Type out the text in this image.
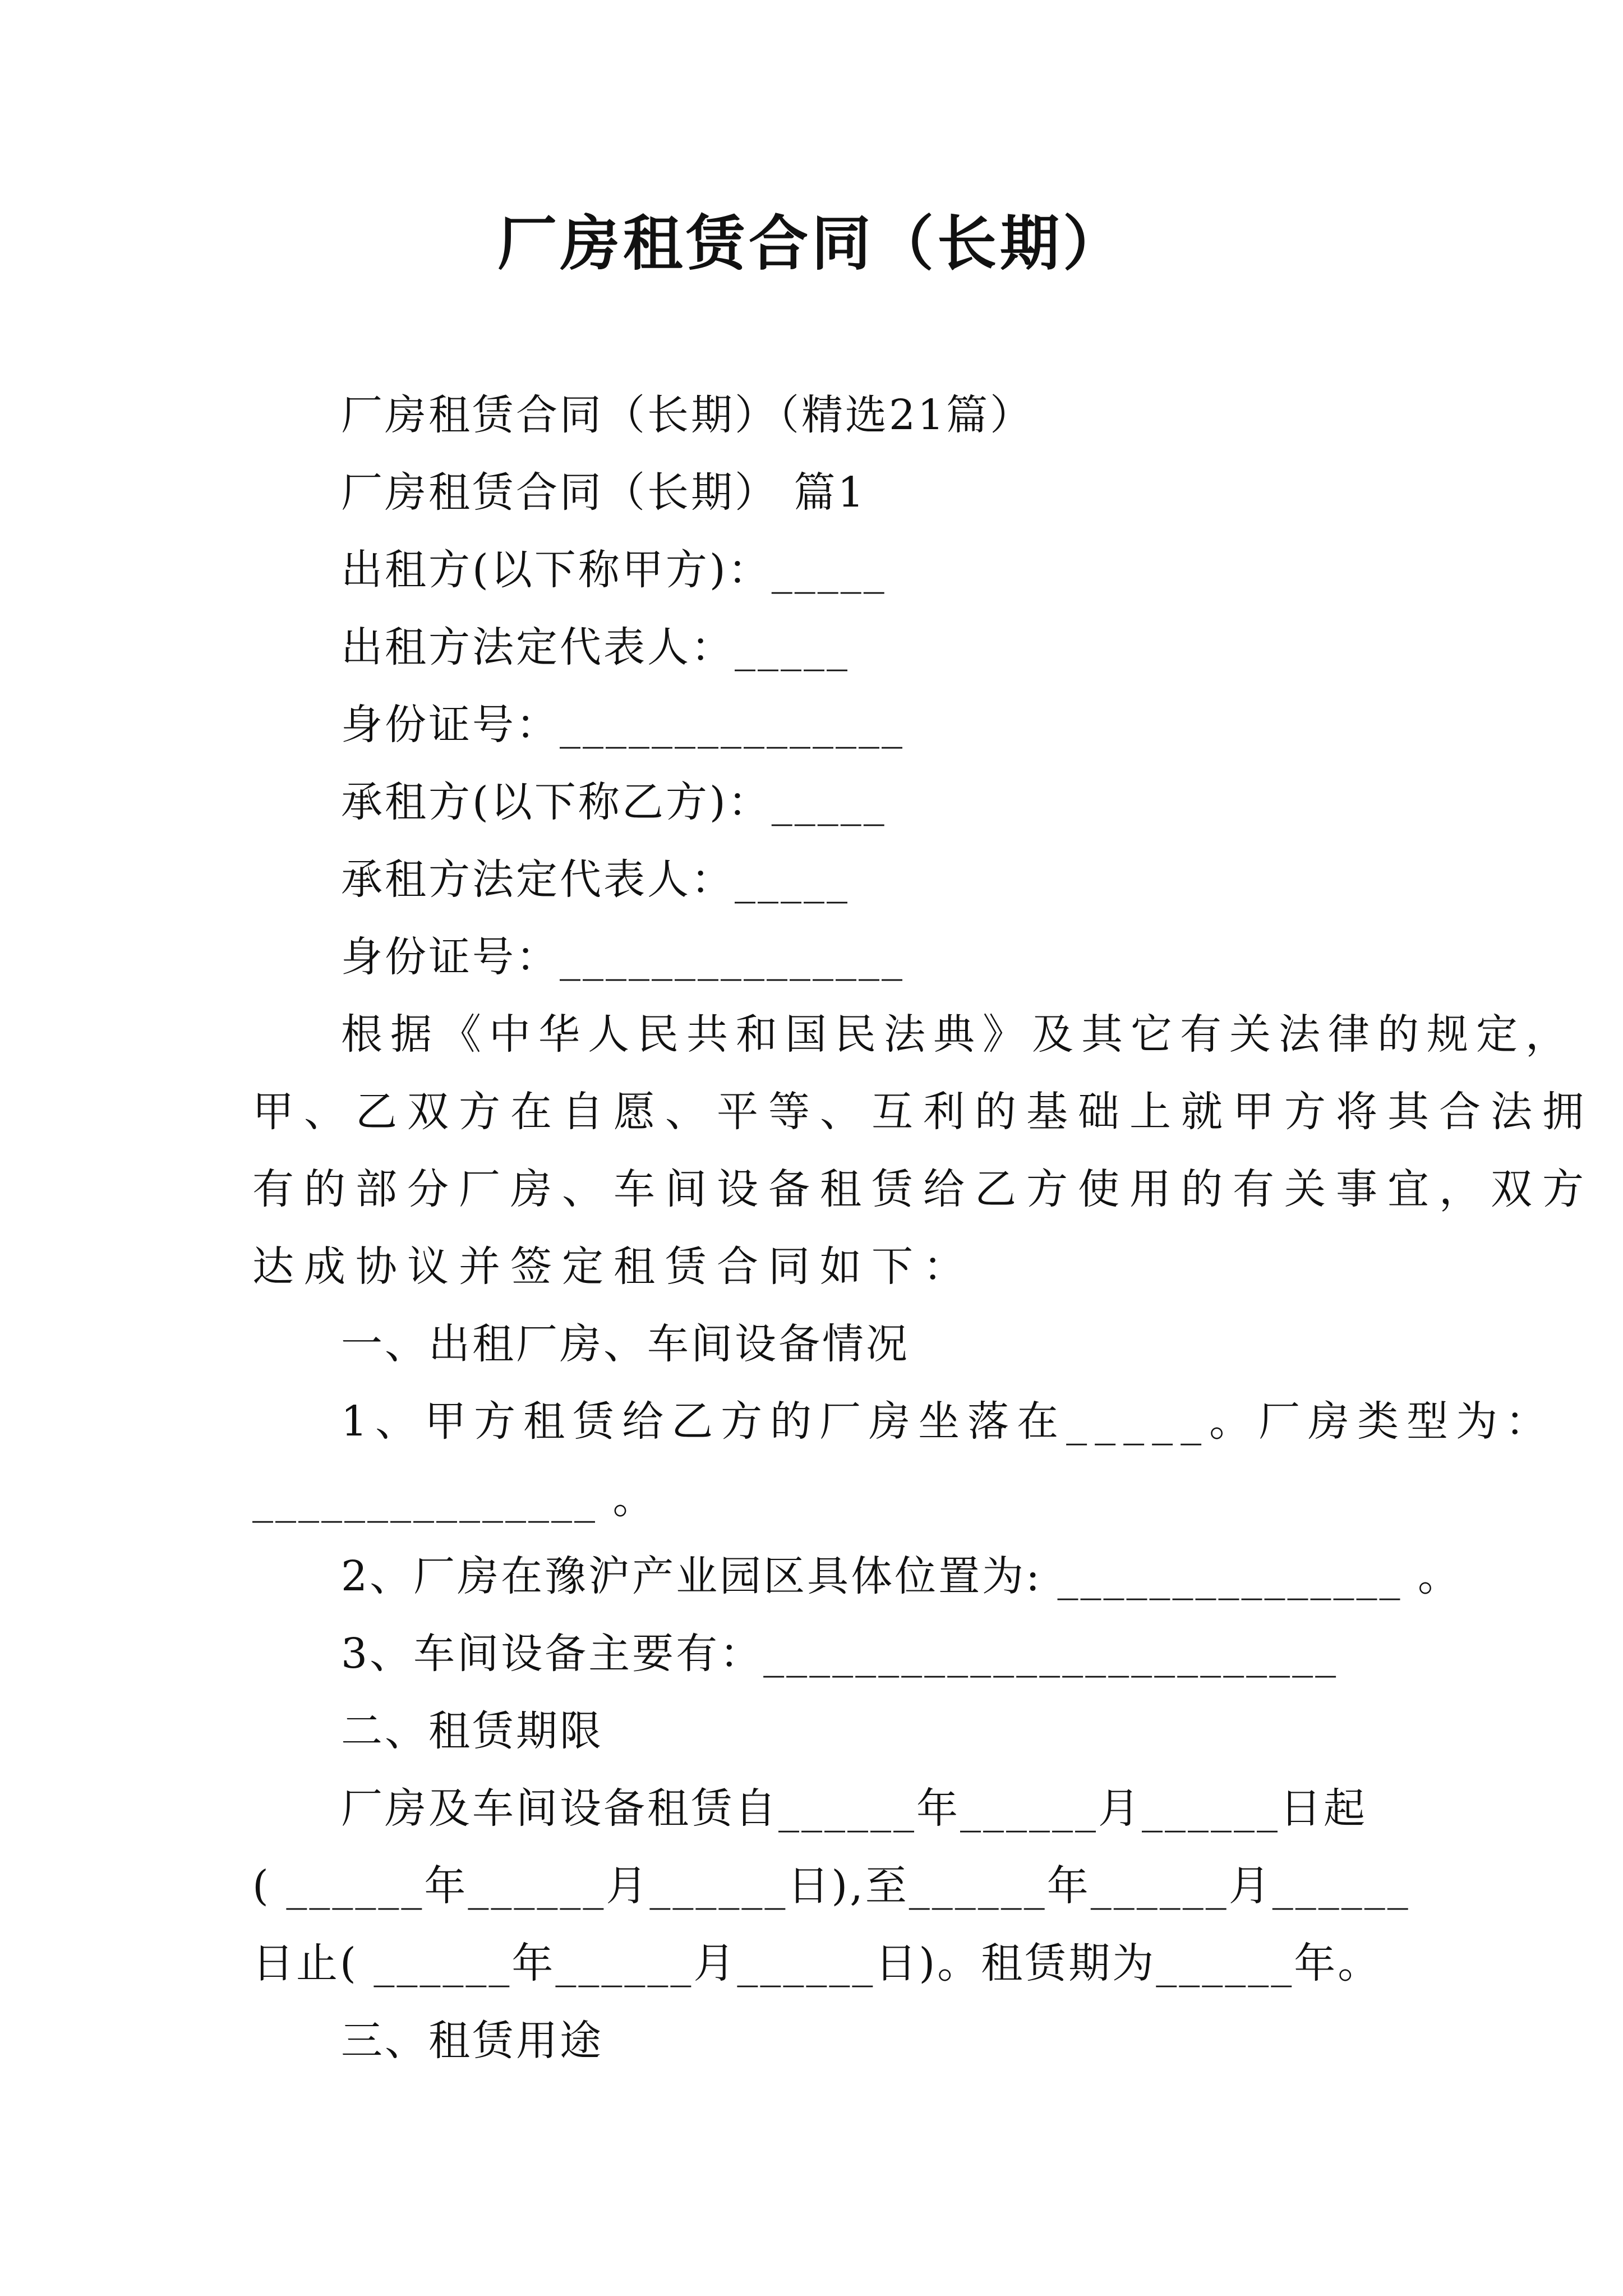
厂房租赁合同（长期）
厂房租赁合同（长期）（精选21篇）
厂房租赁合同（长期） 篇1
出租方(以下称甲方)：_____
出租方法定代表人：_____
身份证号：_______________
承租方(以下称乙方)：_____
承租方法定代表人：_____
身份证号：_______________
根据《中华人民共和国民法典》及其它有关法律的规定，
甲、乙双方在自愿、平等、互利的基础上就甲方将其合法拥
有的部分厂房、车间设备租赁给乙方使用的有关事宜，双方
达成协议并签定租赁合同如下：
一、出租厂房、车间设备情况
1、甲方租赁给乙方的厂房坐落在_____。厂房类型为：
_______________ 。
2、厂房在豫沪产业园区具体位置为: _______________ 。
3、车间设备主要有：_________________________
二、租赁期限
厂房及车间设备租赁自______年______月______日起
( ______年______月______日),至______年______月______
日止( ______年______月______日)。租赁期为______年。
三、租赁用途
